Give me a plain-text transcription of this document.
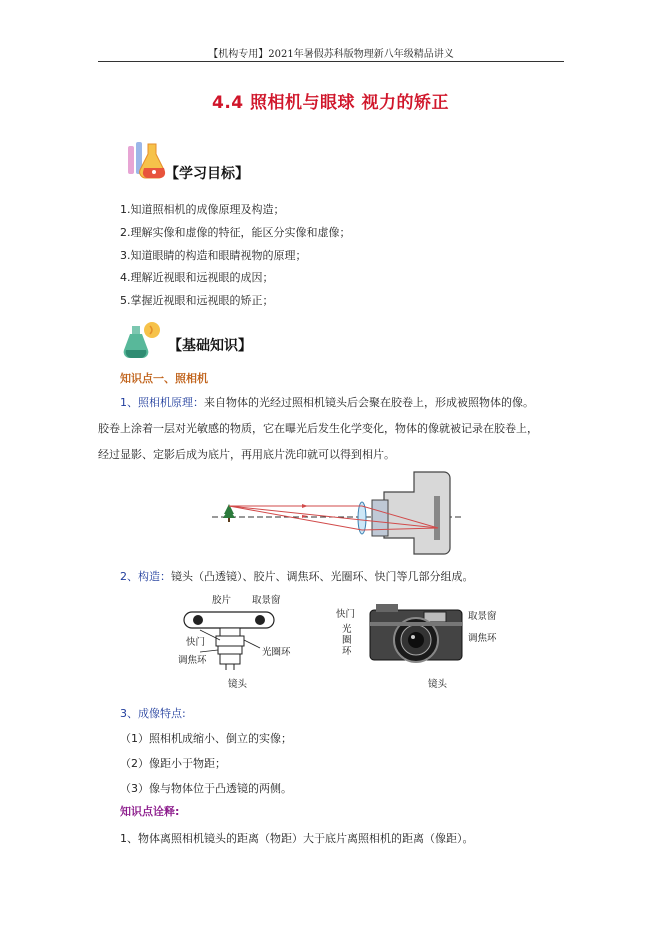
【机构专用】2021年暑假苏科版物理新八年级精品讲义
4.4 照相机与眼球 视力的矫正
【学习目标】
1.知道照相机的成像原理及构造；
2.理解实像和虚像的特征，能区分实像和虚像；
3.知道眼睛的构造和眼睛视物的原理；
4.理解近视眼和远视眼的成因；
5.掌握近视眼和远视眼的矫正；
【基础知识】
知识点一、照相机
1、照相机原理：来自物体的光经过照相机镜头后会聚在胶卷上，形成被照物体的像。
胶卷上涂着一层对光敏感的物质，它在曝光后发生化学变化，物体的像就被记录在胶卷上，
经过显影、定影后成为底片，再用底片洗印就可以得到相片。
2、构造：镜头（凸透镜）、胶片、调焦环、光圈环、快门等几部分组成。
胶片 取景窗
快门
调焦环
光圈环
镜头
快门
光
圈
环
取景窗
调焦环
镜头
3、成像特点:
（1）照相机成缩小、倒立的实像；
（2）像距小于物距；
（3）像与物体位于凸透镜的两侧。
知识点诠释:
1、物体离照相机镜头的距离（物距）大于底片离照相机的距离（像距）。
